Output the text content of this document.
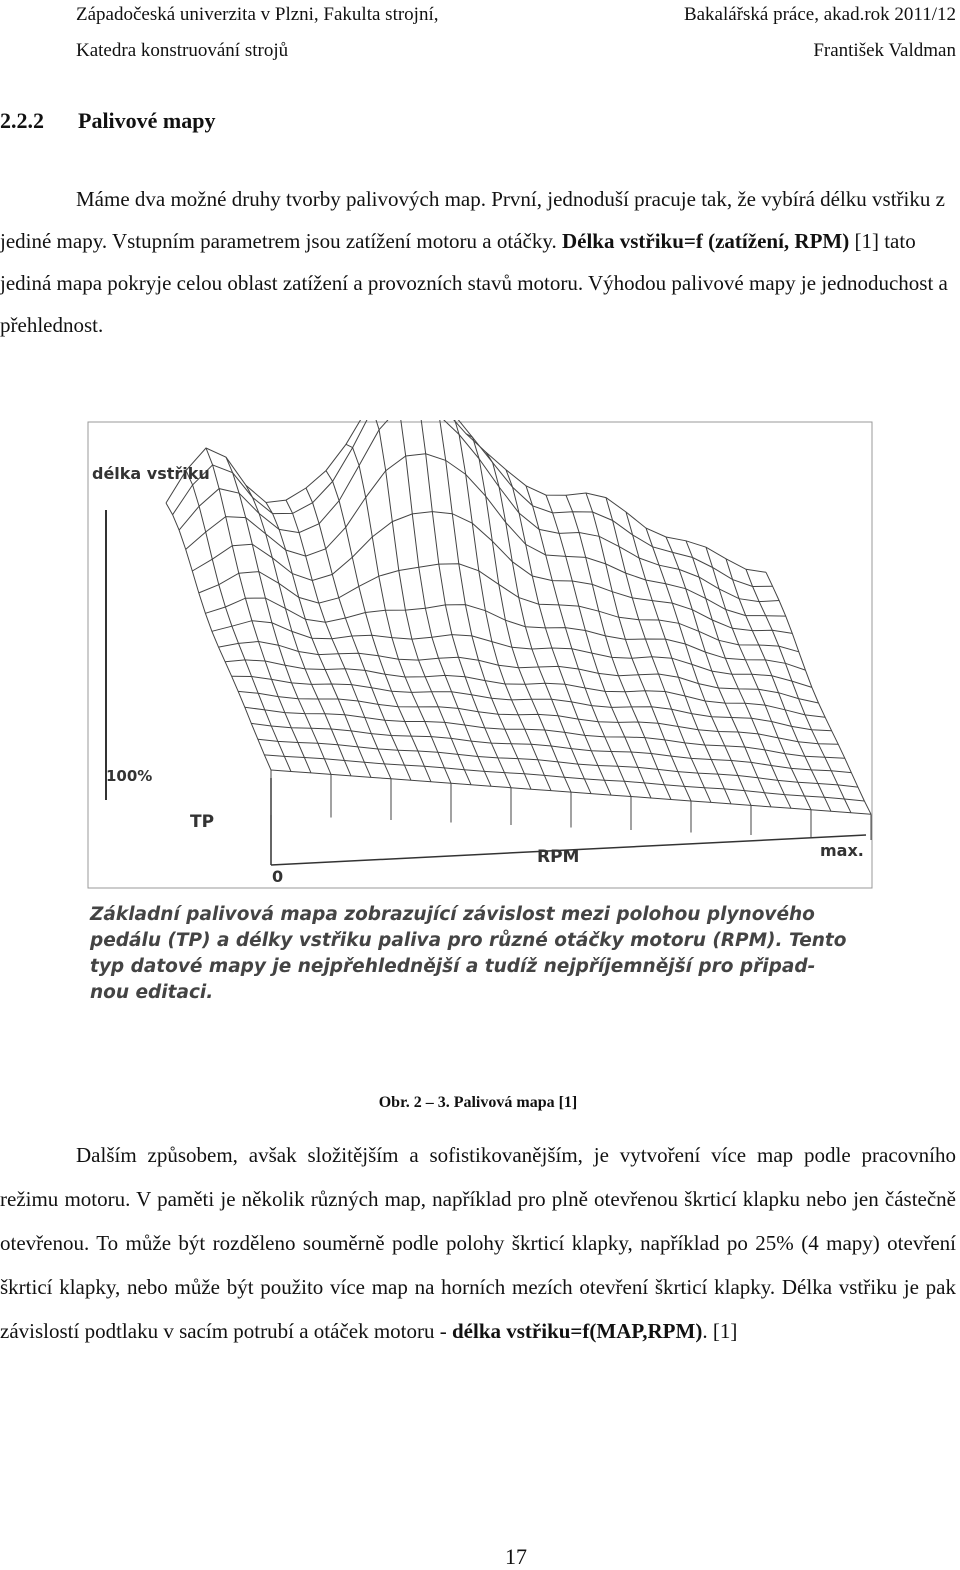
Západočeská univerzita v Plzni, Fakulta strojní,	Bakalářská práce, akad.rok 2011/12
Katedra konstruování strojů	František Valdman
2.2.2 Palivové mapy
Máme dva možné druhy tvorby palivových map. První, jednoduší pracuje tak, že vybírá délku vstřiku z jediné mapy. Vstupním parametrem jsou zatížení motoru a otáčky. Délka vstřiku=f (zatížení, RPM) [1] tato jediná mapa pokryje celou oblast zatížení a provozních stavů motoru. Výhodou palivové mapy je jednoduchost a přehlednost.
délka vstřiku
100%
TP
0
RPM	max.
Základní palivová mapa zobrazující závislost mezi polohou plynového
pedálu (TP) a délky vstřiku paliva pro různé otáčky motoru (RPM). Tento
typ datové mapy je nejpřehlednější a tudíž nejpříjemnější pro připad-
nou editaci.
Obr. 2 – 3. Palivová mapa [1]
Dalším způsobem, avšak složitějším a sofistikovanějším, je vytvoření více map podle pracovního režimu motoru. V paměti je několik různých map, například pro plně otevřenou škrticí klapku nebo jen částečně otevřenou. To může být rozděleno souměrně podle polohy škrticí klapky, například po 25% (4 mapy) otevření škrticí klapky, nebo může být použito více map na horních mezích otevření škrticí klapky. Délka vstřiku je pak závislostí podtlaku v sacím potrubí a otáček motoru - délka vstřiku=f(MAP,RPM). [1]
17
